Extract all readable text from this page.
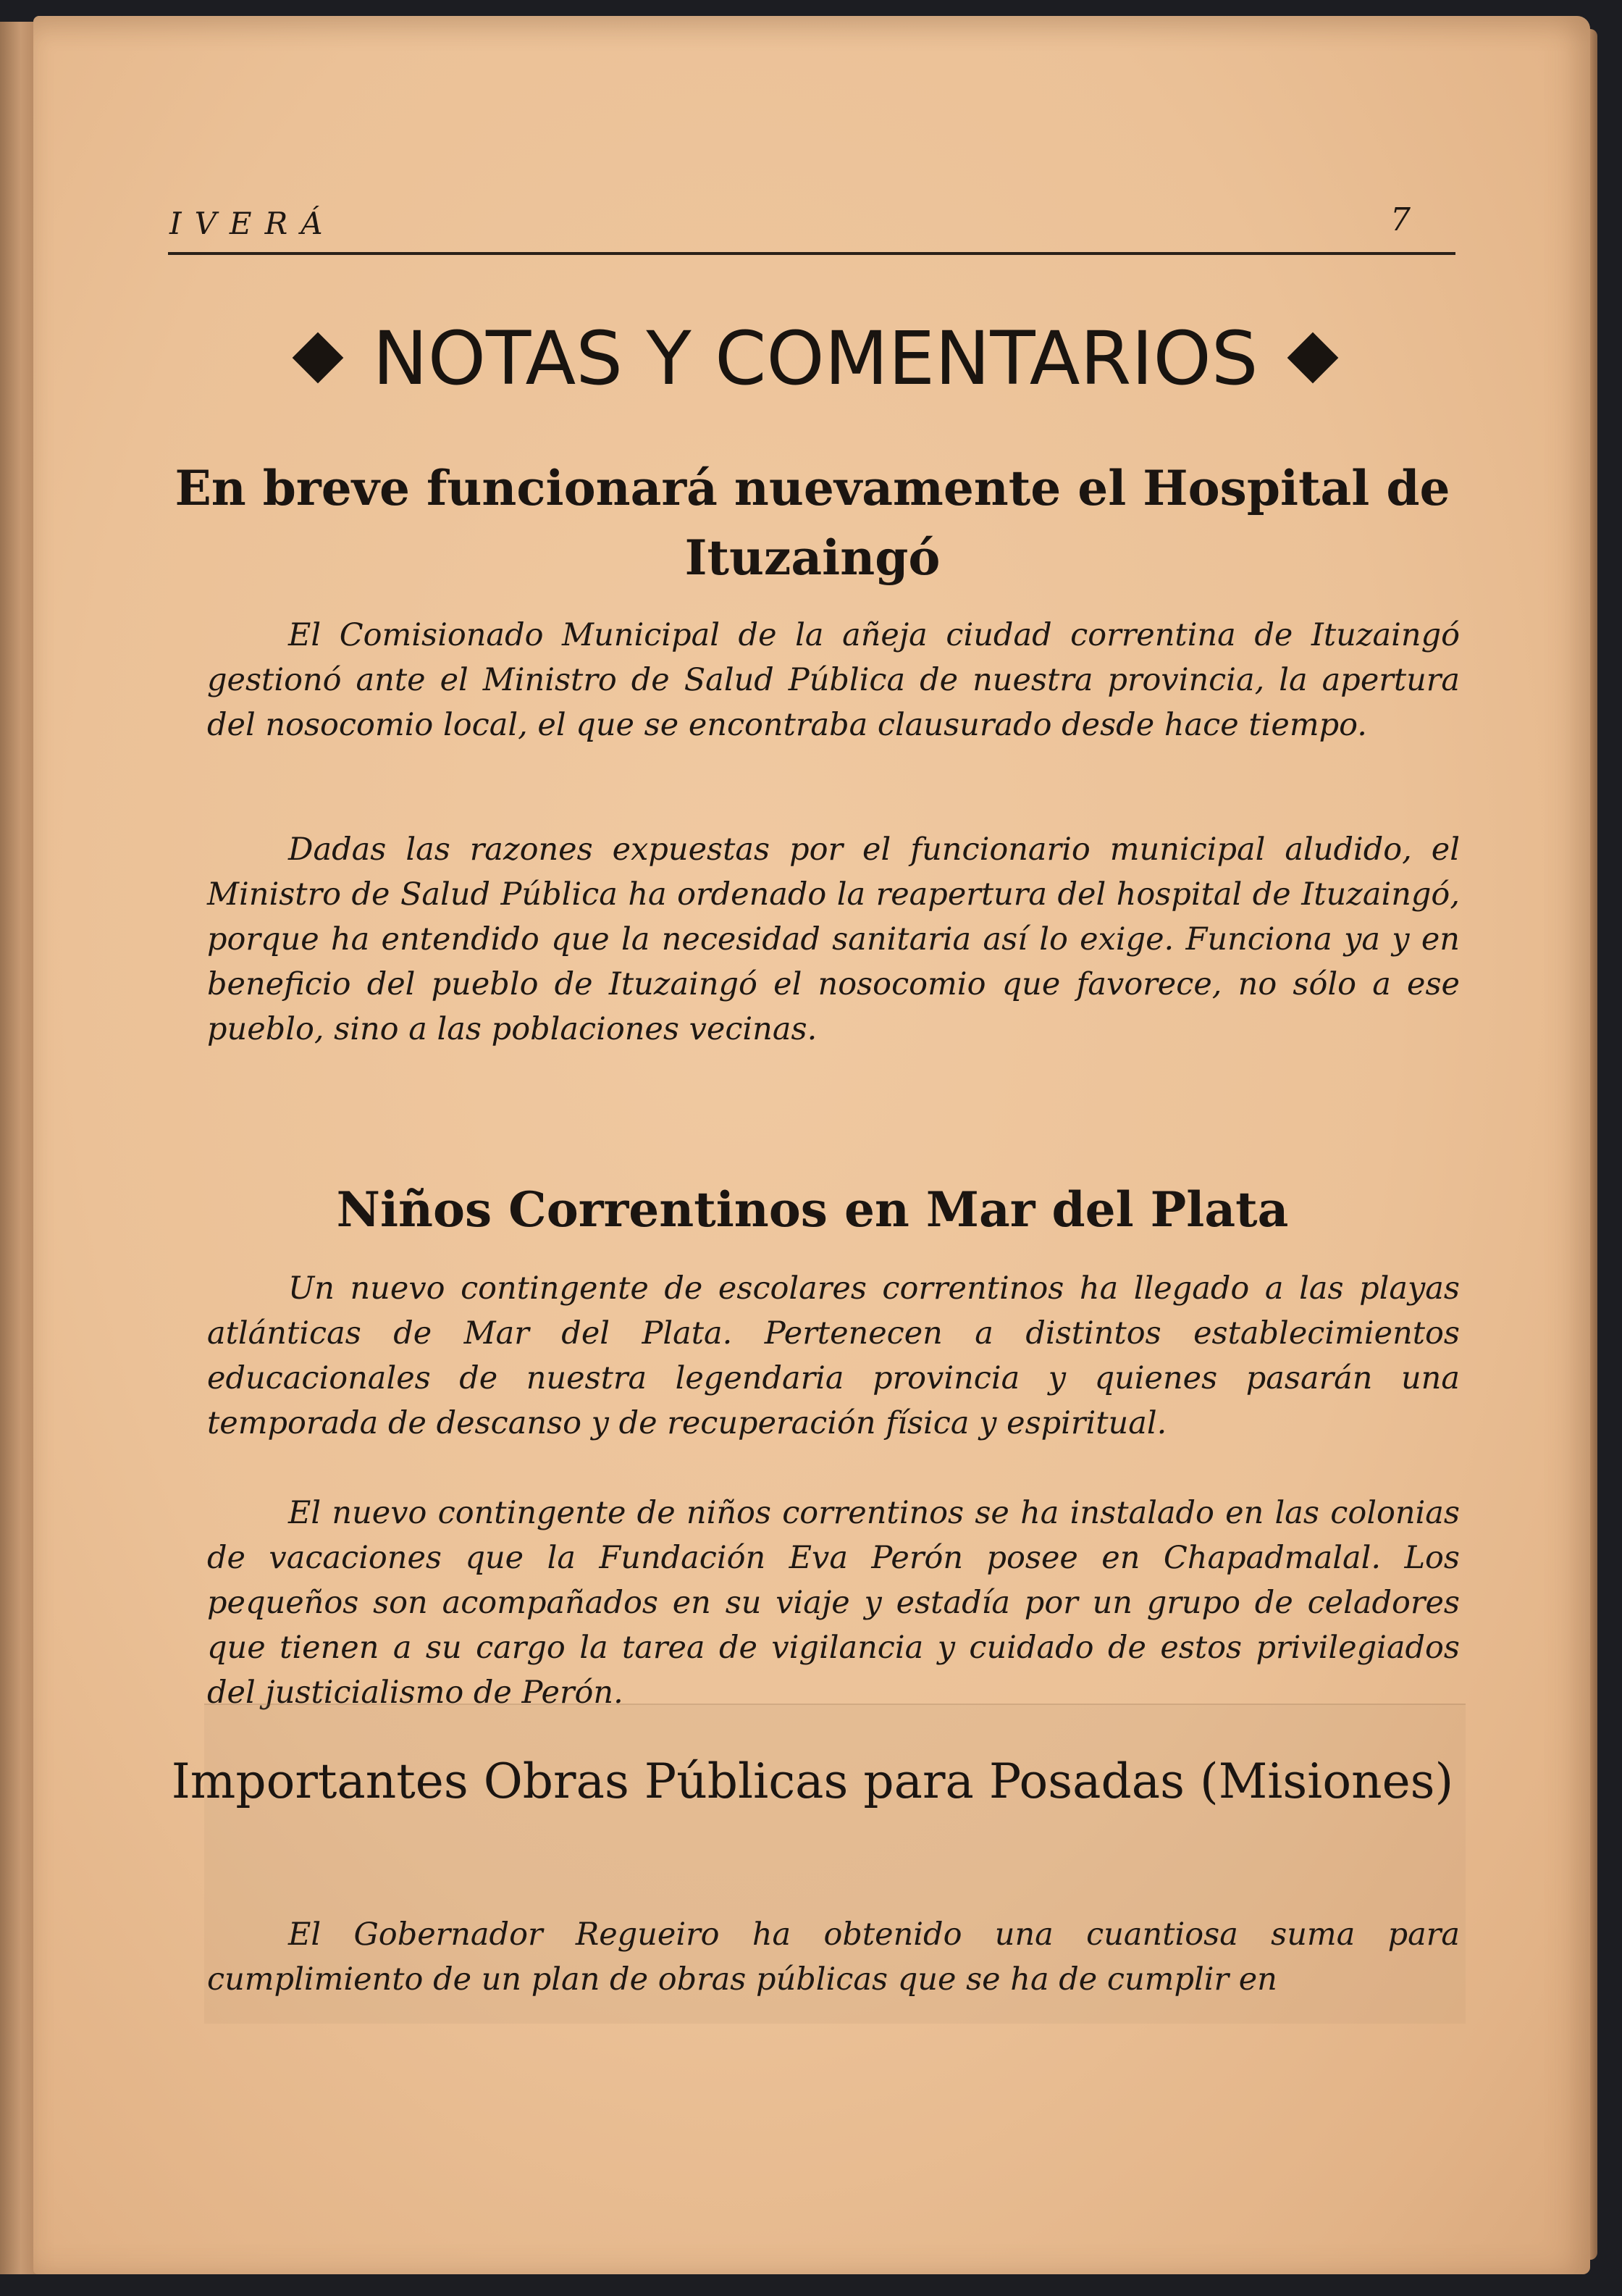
IVERÁ	7
NOTAS Y COMENTARIOS
En breve funcionará nuevamente el Hospital de Ituzaingó

El Comisionado Municipal de la añeja ciudad correntina de Ituzaingó gestionó ante el Ministro de Salud Pública de nuestra provincia, la apertura del nosocomio local, el que se encontraba clausurado desde hace tiempo.

Dadas las razones expuestas por el funcionario municipal aludido, el Ministro de Salud Pública ha ordenado la reapertura del hospital de Ituzaingó, porque ha entendido que la necesidad sanitaria así lo exige. Funciona ya y en beneficio del pueblo de Ituzaingó el nosocomio que favorece, no sólo a ese pueblo, sino a las poblaciones vecinas.

Niños Correntinos en Mar del Plata

Un nuevo contingente de escolares correntinos ha llegado a las playas atlánticas de Mar del Plata. Pertenecen a distintos establecimientos educacionales de nuestra legendaria provincia y quienes pasarán una temporada de descanso y de recuperación física y espiritual.

El nuevo contingente de niños correntinos se ha instalado en las colonias de vacaciones que la Fundación Eva Perón posee en Chapadmalal. Los pequeños son acompañados en su viaje y estadía por un grupo de celadores que tienen a su cargo la tarea de vigilancia y cuidado de estos privilegiados del justicialismo de Perón.

Importantes Obras Públicas para Posadas (Misiones)

El Gobernador Regueiro ha obtenido una cuantiosa suma para cumplimiento de un plan de obras públicas que se ha de cumplir en
